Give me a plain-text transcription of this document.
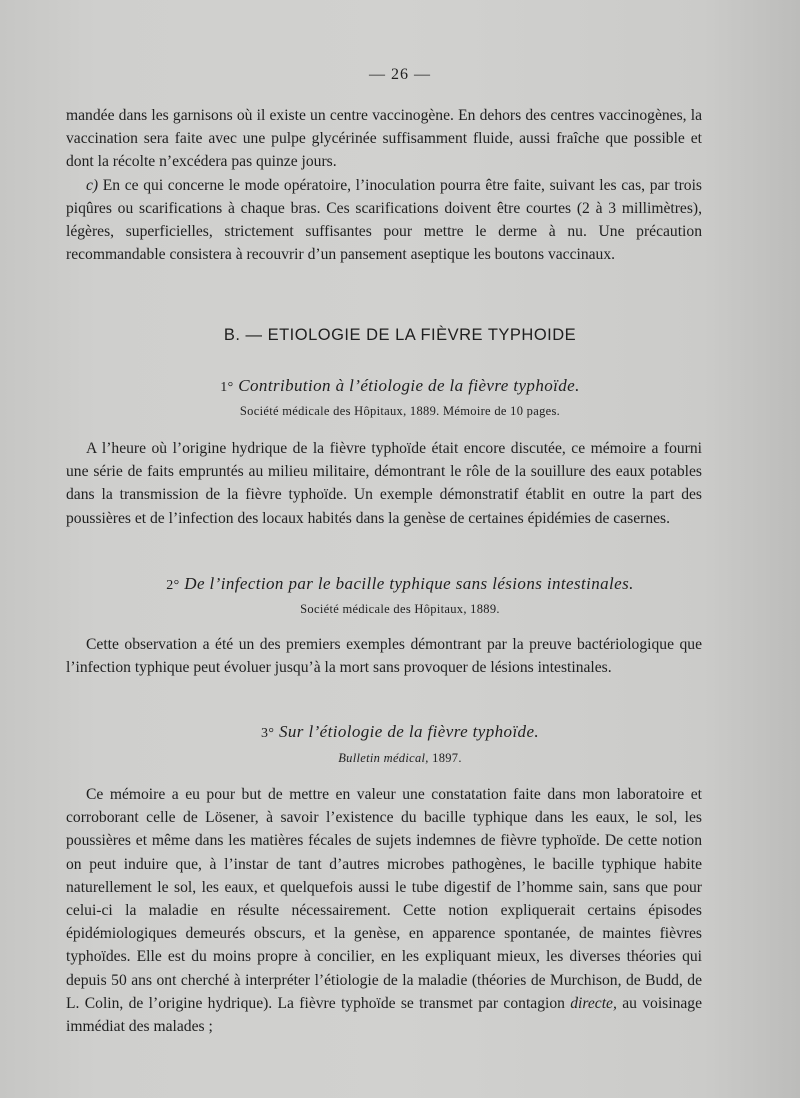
— 26 —

mandée dans les garnisons où il existe un centre vaccinogène. En dehors des centres vaccinogènes, la vaccination sera faite avec une pulpe glycérinée suffisamment fluide, aussi fraîche que possible et dont la récolte n’excédera pas quinze jours.

c) En ce qui concerne le mode opératoire, l’inoculation pourra être faite, suivant les cas, par trois piqûres ou scarifications à chaque bras. Ces scarifications doivent être courtes (2 à 3 millimètres), légères, superficielles, strictement suffisantes pour mettre le derme à nu. Une précaution recommandable consistera à recouvrir d’un pansement aseptique les boutons vaccinaux.

B. — ETIOLOGIE DE LA FIÈVRE TYPHOIDE
1° Contribution à l’étiologie de la fièvre typhoïde.
Société médicale des Hôpitaux, 1889. Mémoire de 10 pages.
A l’heure où l’origine hydrique de la fièvre typhoïde était encore discutée, ce mémoire a fourni une série de faits empruntés au milieu militaire, démontrant le rôle de la souillure des eaux potables dans la transmission de la fièvre typhoïde. Un exemple démonstratif établit en outre la part des poussières et de l’infection des locaux habités dans la genèse de certaines épidémies de casernes.
2° De l’infection par le bacille typhique sans lésions intestinales.
Société médicale des Hôpitaux, 1889.
Cette observation a été un des premiers exemples démontrant par la preuve bactériologique que l’infection typhique peut évoluer jusqu’à la mort sans provoquer de lésions intestinales.
3° Sur l’étiologie de la fièvre typhoïde.
Bulletin médical, 1897.
Ce mémoire a eu pour but de mettre en valeur une constatation faite dans mon laboratoire et corroborant celle de Lösener, à savoir l’existence du bacille typhique dans les eaux, le sol, les poussières et même dans les matières fécales de sujets indemnes de fièvre typhoïde. De cette notion on peut induire que, à l’instar de tant d’autres microbes pathogènes, le bacille typhique habite naturellement le sol, les eaux, et quelquefois aussi le tube digestif de l’homme sain, sans que pour celui-ci la maladie en résulte nécessairement. Cette notion expliquerait certains épisodes épidémiologiques demeurés obscurs, et la genèse, en apparence spontanée, de maintes fièvres typhoïdes. Elle est du moins propre à concilier, en les expliquant mieux, les diverses théories qui depuis 50 ans ont cherché à interpréter l’étiologie de la maladie (théories de Murchison, de Budd, de L. Colin, de l’origine hydrique). La fièvre typhoïde se transmet par contagion directe, au voisinage immédiat des malades ;
